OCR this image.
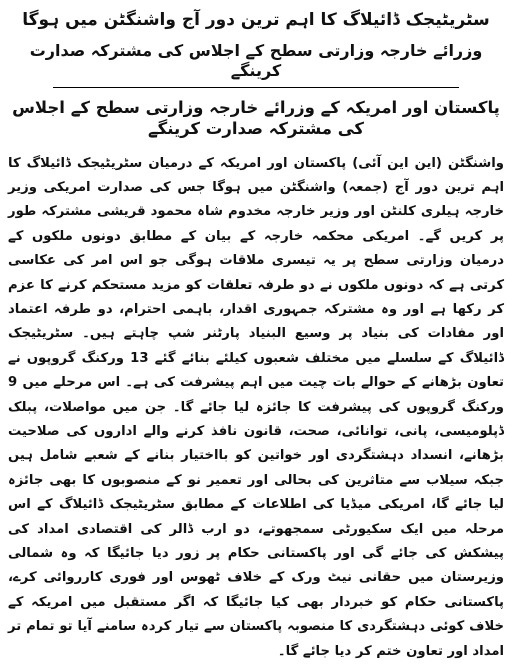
سٹریٹیجک ڈائیلاگ کا اہم ترین دور آج واشنگٹن میں ہوگا
وزرائے خارجہ وزارتی سطح کے اجلاس کی مشترکہ صدارت کرینگے
پاکستان اور امریکہ کے وزرائے خارجہ وزارتی سطح کے اجلاس کی مشترکہ صدارت کرینگے

واشنگٹن (این این آئی) پاکستان اور امریکہ کے درمیان سٹریٹیجک ڈائیلاگ کا اہم ترین دور آج (جمعہ) واشنگٹن میں ہوگا جس کی صدارت امریکی وزیر خارجہ ہیلری کلنٹن اور وزیر خارجہ مخدوم شاہ محمود قریشی مشترکہ طور پر کریں گے۔ امریکی محکمہ خارجہ کے بیان کے مطابق دونوں ملکوں کے درمیان وزارتی سطح پر یہ تیسری ملاقات ہوگی جو اس امر کی عکاسی کرتی ہے کہ دونوں ملکوں نے دو طرفہ تعلقات کو مزید مستحکم کرنے کا عزم کر رکھا ہے اور وہ مشترکہ جمہوری اقدار، باہمی احترام، دو طرفہ اعتماد اور مفادات کی بنیاد پر وسیع البنیاد پارٹنر شپ چاہتے ہیں۔ سٹریٹیجک ڈائیلاگ کے سلسلے میں مختلف شعبوں کیلئے بنائے گئے 13 ورکنگ گروپوں نے تعاون بڑھانے کے حوالے بات چیت میں اہم پیشرفت کی ہے۔ اس مرحلے میں 9 ورکنگ گروپوں کی پیشرفت کا جائزہ لیا جائے گا۔ جن میں مواصلات، پبلک ڈپلومیسی، پانی، توانائی، صحت، قانون نافذ کرنے والے اداروں کی صلاحیت بڑھانے، انسداد دہشتگردی اور خواتین کو بااختیار بنانے کے شعبے شامل ہیں جبکہ سیلاب سے متاثرین کی بحالی اور تعمیر نو کے منصوبوں کا بھی جائزہ لیا جائے گا، امریکی میڈیا کی اطلاعات کے مطابق سٹریٹیجک ڈائیلاگ کے اس مرحلہ میں ایک سکیورٹی سمجھوتے، دو ارب ڈالر کی اقتصادی امداد کی پیشکش کی جائے گی اور پاکستانی حکام پر زور دیا جائیگا کہ وہ شمالی وزیرستان میں حقانی نیٹ ورک کے خلاف ٹھوس اور فوری کارروائی کرے، پاکستانی حکام کو خبردار بھی کیا جائیگا کہ اگر مستقبل میں امریکہ کے خلاف کوئی دہشتگردی کا منصوبہ پاکستان سے تیار کردہ سامنے آیا تو تمام تر امداد اور تعاون ختم کر دیا جائے گا۔
